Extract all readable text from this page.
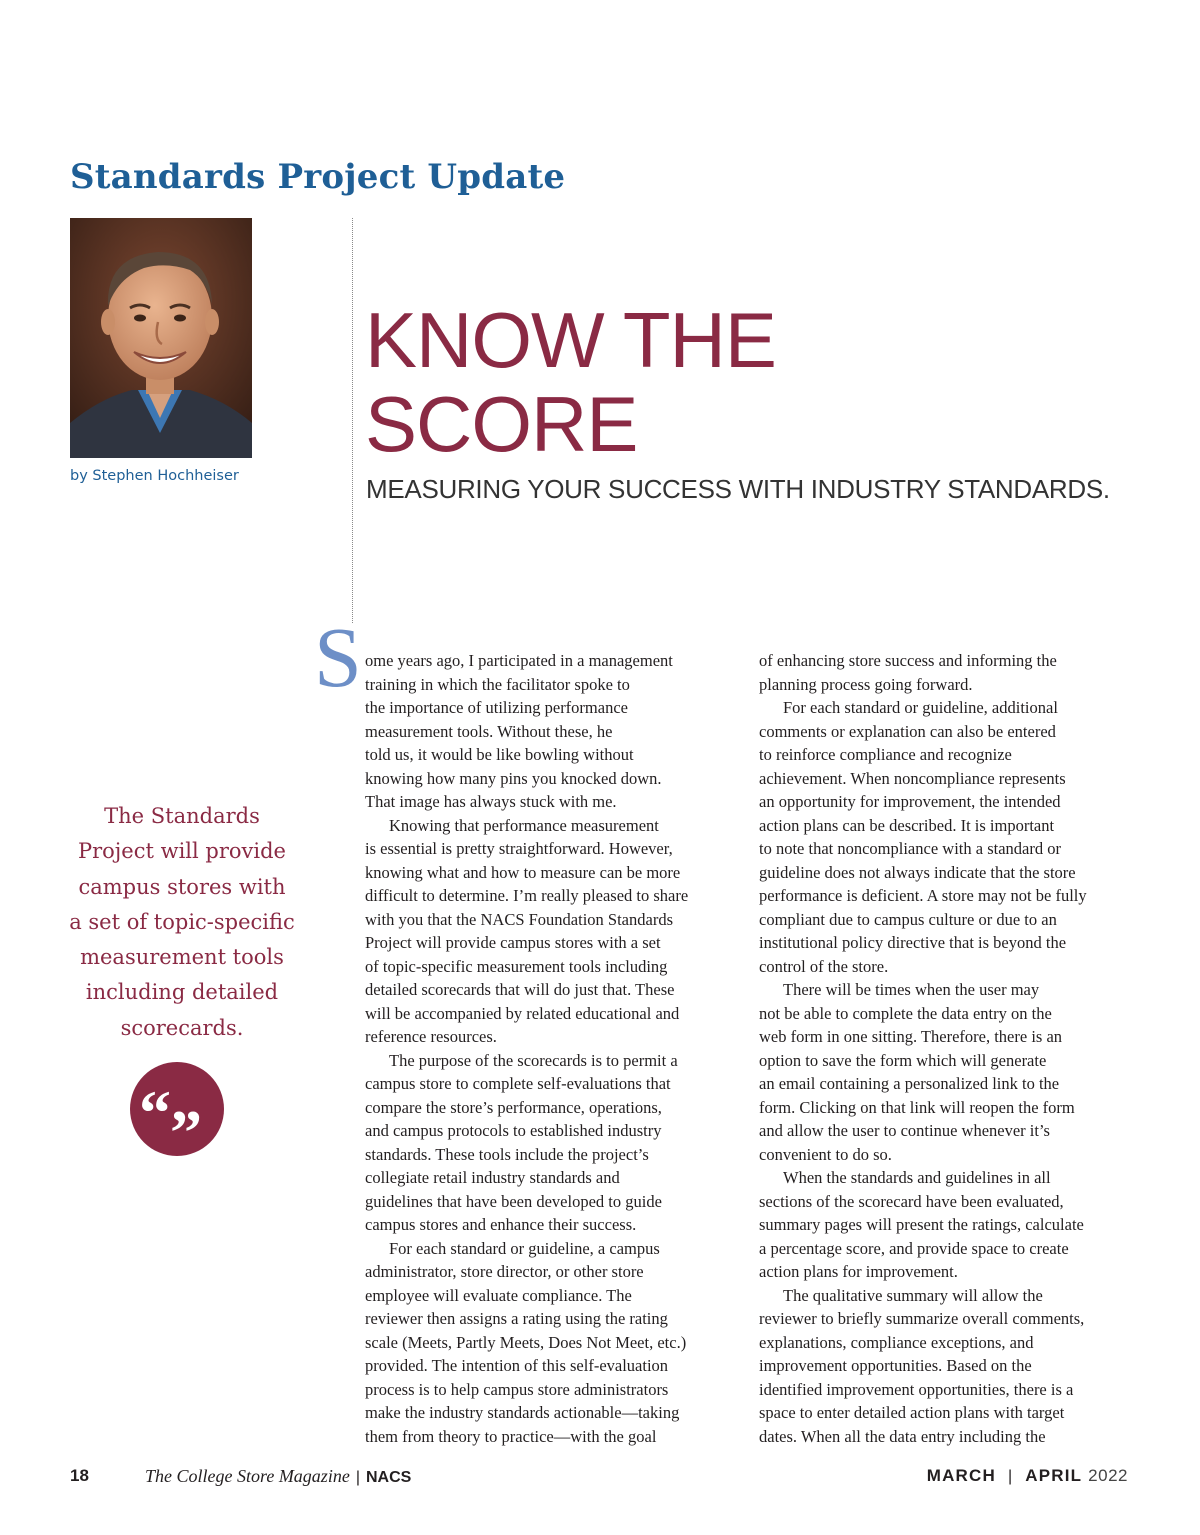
Standards Project Update
by Stephen Hochheiser
KNOW THE
SCORE
MEASURING YOUR SUCCESS WITH INDUSTRY STANDARDS.
The Standards
Project will provide
campus stores with
a set of topic-specific
measurement tools
including detailed
scorecards.
“ ”
S ome years ago, I participated in a management
training in which the facilitator spoke to
the importance of utilizing performance
measurement tools. Without these, he
told us, it would be like bowling without
knowing how many pins you knocked down.
That image has always stuck with me.

Knowing that performance measurement
is essential is pretty straightforward. However,
knowing what and how to measure can be more
difficult to determine. I’m really pleased to share
with you that the NACS Foundation Standards
Project will provide campus stores with a set
of topic-specific measurement tools including
detailed scorecards that will do just that. These
will be accompanied by related educational and
reference resources.

The purpose of the scorecards is to permit a
campus store to complete self-evaluations that
compare the store’s performance, operations,
and campus protocols to established industry
standards. These tools include the project’s
collegiate retail industry standards and
guidelines that have been developed to guide
campus stores and enhance their success.

For each standard or guideline, a campus
administrator, store director, or other store
employee will evaluate compliance. The
reviewer then assigns a rating using the rating
scale (Meets, Partly Meets, Does Not Meet, etc.)
provided. The intention of this self-evaluation
process is to help campus store administrators
make the industry standards actionable—taking
them from theory to practice—with the goal

of enhancing store success and informing the
planning process going forward.

For each standard or guideline, additional
comments or explanation can also be entered
to reinforce compliance and recognize
achievement. When noncompliance represents
an opportunity for improvement, the intended
action plans can be described. It is important
to note that noncompliance with a standard or
guideline does not always indicate that the store
performance is deficient. A store may not be fully
compliant due to campus culture or due to an
institutional policy directive that is beyond the
control of the store.

There will be times when the user may
not be able to complete the data entry on the
web form in one sitting. Therefore, there is an
option to save the form which will generate
an email containing a personalized link to the
form. Clicking on that link will reopen the form
and allow the user to continue whenever it’s
convenient to do so.

When the standards and guidelines in all
sections of the scorecard have been evaluated,
summary pages will present the ratings, calculate
a percentage score, and provide space to create
action plans for improvement.

The qualitative summary will allow the
reviewer to briefly summarize overall comments,
explanations, compliance exceptions, and
improvement opportunities. Based on the
identified improvement opportunities, there is a
space to enter detailed action plans with target
dates. When all the data entry including the

18	The College Store Magazine | NACS	MARCH | APRIL 2022
